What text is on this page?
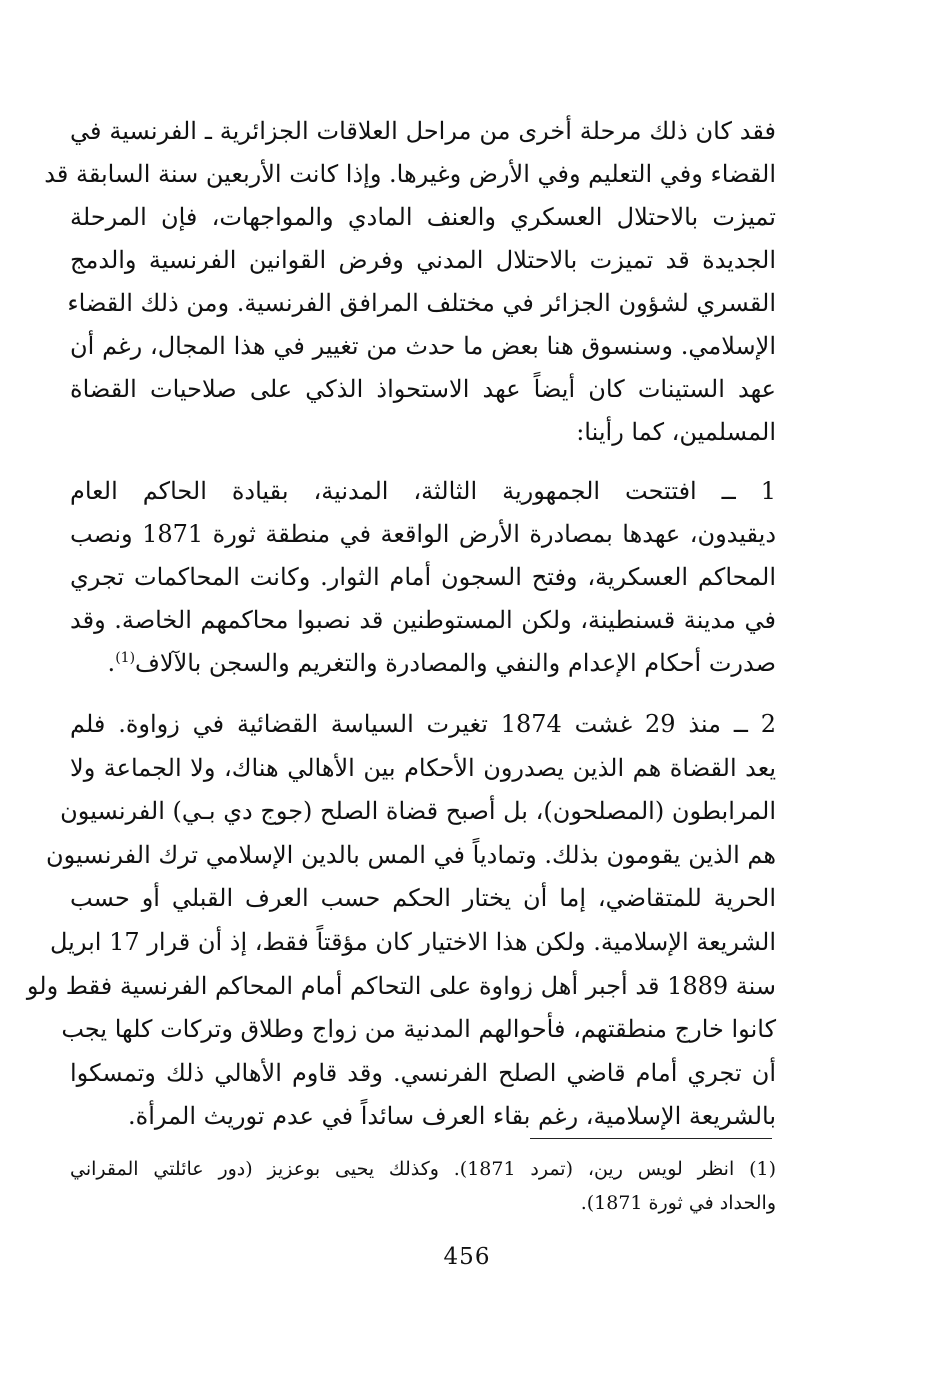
فقد كان ذلك مرحلة أخرى من مراحل العلاقات الجزائرية ـ الفرنسية في
القضاء وفي التعليم وفي الأرض وغيرها. وإذا كانت الأربعين سنة السابقة قد
تميزت بالاحتلال العسكري والعنف المادي والمواجهات، فإن المرحلة
الجديدة قد تميزت بالاحتلال المدني وفرض القوانين الفرنسية والدمج
القسري لشؤون الجزائر في مختلف المرافق الفرنسية. ومن ذلك القضاء
الإسلامي. وسنسوق هنا بعض ما حدث من تغيير في هذا المجال، رغم أن
عهد الستينات كان أيضاً عهد الاستحواذ الذكي على صلاحيات القضاة
المسلمين، كما رأينا:
1 ــ افتتحت الجمهورية الثالثة، المدنية، بقيادة الحاكم العام
ديقيدون، عهدها بمصادرة الأرض الواقعة في منطقة ثورة 1871 ونصب
المحاكم العسكرية، وفتح السجون أمام الثوار. وكانت المحاكمات تجري
في مدينة قسنطينة، ولكن المستوطنين قد نصبوا محاكمهم الخاصة. وقد
صدرت أحكام الإعدام والنفي والمصادرة والتغريم والسجن بالآلاف$^{(1)}$.
2 ــ منذ 29 غشت 1874 تغيرت السياسة القضائية في زواوة. فلم
يعد القضاة هم الذين يصدرون الأحكام بين الأهالي هناك، ولا الجماعة ولا
المرابطون (المصلحون)، بل أصبح قضاة الصلح (جوج دي بـي) الفرنسيون
هم الذين يقومون بذلك. وتمادياً في المس بالدين الإسلامي ترك الفرنسيون
الحرية للمتقاضي، إما أن يختار الحكم حسب العرف القبلي أو حسب
الشريعة الإسلامية. ولكن هذا الاختيار كان مؤقتاً فقط، إذ أن قرار 17 ابريل
سنة 1889 قد أجبر أهل زواوة على التحاكم أمام المحاكم الفرنسية فقط ولو
كانوا خارج منطقتهم، فأحوالهم المدنية من زواج وطلاق وتركات كلها يجب
أن تجري أمام قاضي الصلح الفرنسي. وقد قاوم الأهالي ذلك وتمسكوا
بالشريعة الإسلامية، رغم بقاء العرف سائداً في عدم توريث المرأة.
(1) انظر لويس رين، (تمرد 1871). وكذلك يحيى بوعزيز (دور عائلتي المقراني
والحداد في ثورة 1871).
456
